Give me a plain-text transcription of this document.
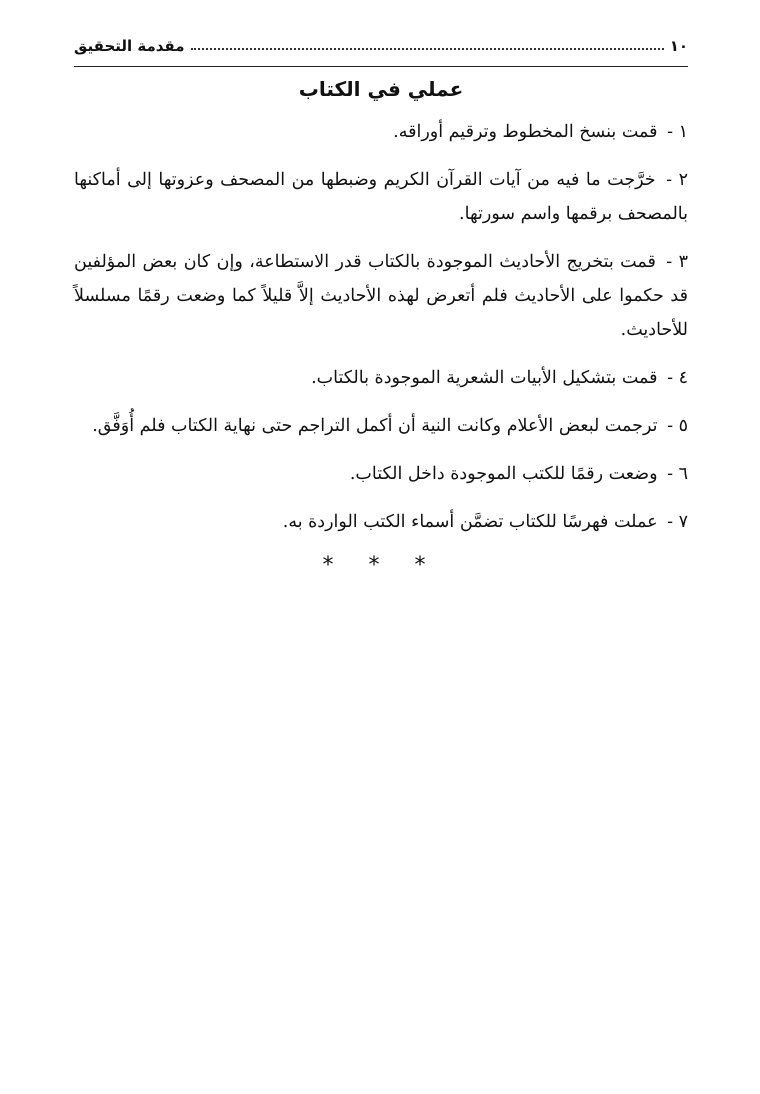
١٠
مقدمة التحقيق
عملي في الكتاب

١ - قمت بنسخ المخطوط وترقيم أوراقه.

٢ - خرَّجت ما فيه من آيات القرآن الكريم وضبطها من المصحف وعزوتها إلى أماكنها بالمصحف برقمها واسم سورتها.

٣ - قمت بتخريج الأحاديث الموجودة بالكتاب قدر الاستطاعة، وإن كان بعض المؤلفين قد حكموا على الأحاديث فلم أتعرض لهذه الأحاديث إلاَّ قليلاً كما وضعت رقمًا مسلسلاً للأحاديث.

٤ - قمت بتشكيل الأبيات الشعرية الموجودة بالكتاب.

٥ - ترجمت لبعض الأعلام وكانت النية أن أكمل التراجم حتى نهاية الكتاب فلم أُوَفَّق.

٦ - وضعت رقمًا للكتب الموجودة داخل الكتاب.

٧ - عملت فهرسًا للكتاب تضمَّن أسماء الكتب الواردة به.

* * *
